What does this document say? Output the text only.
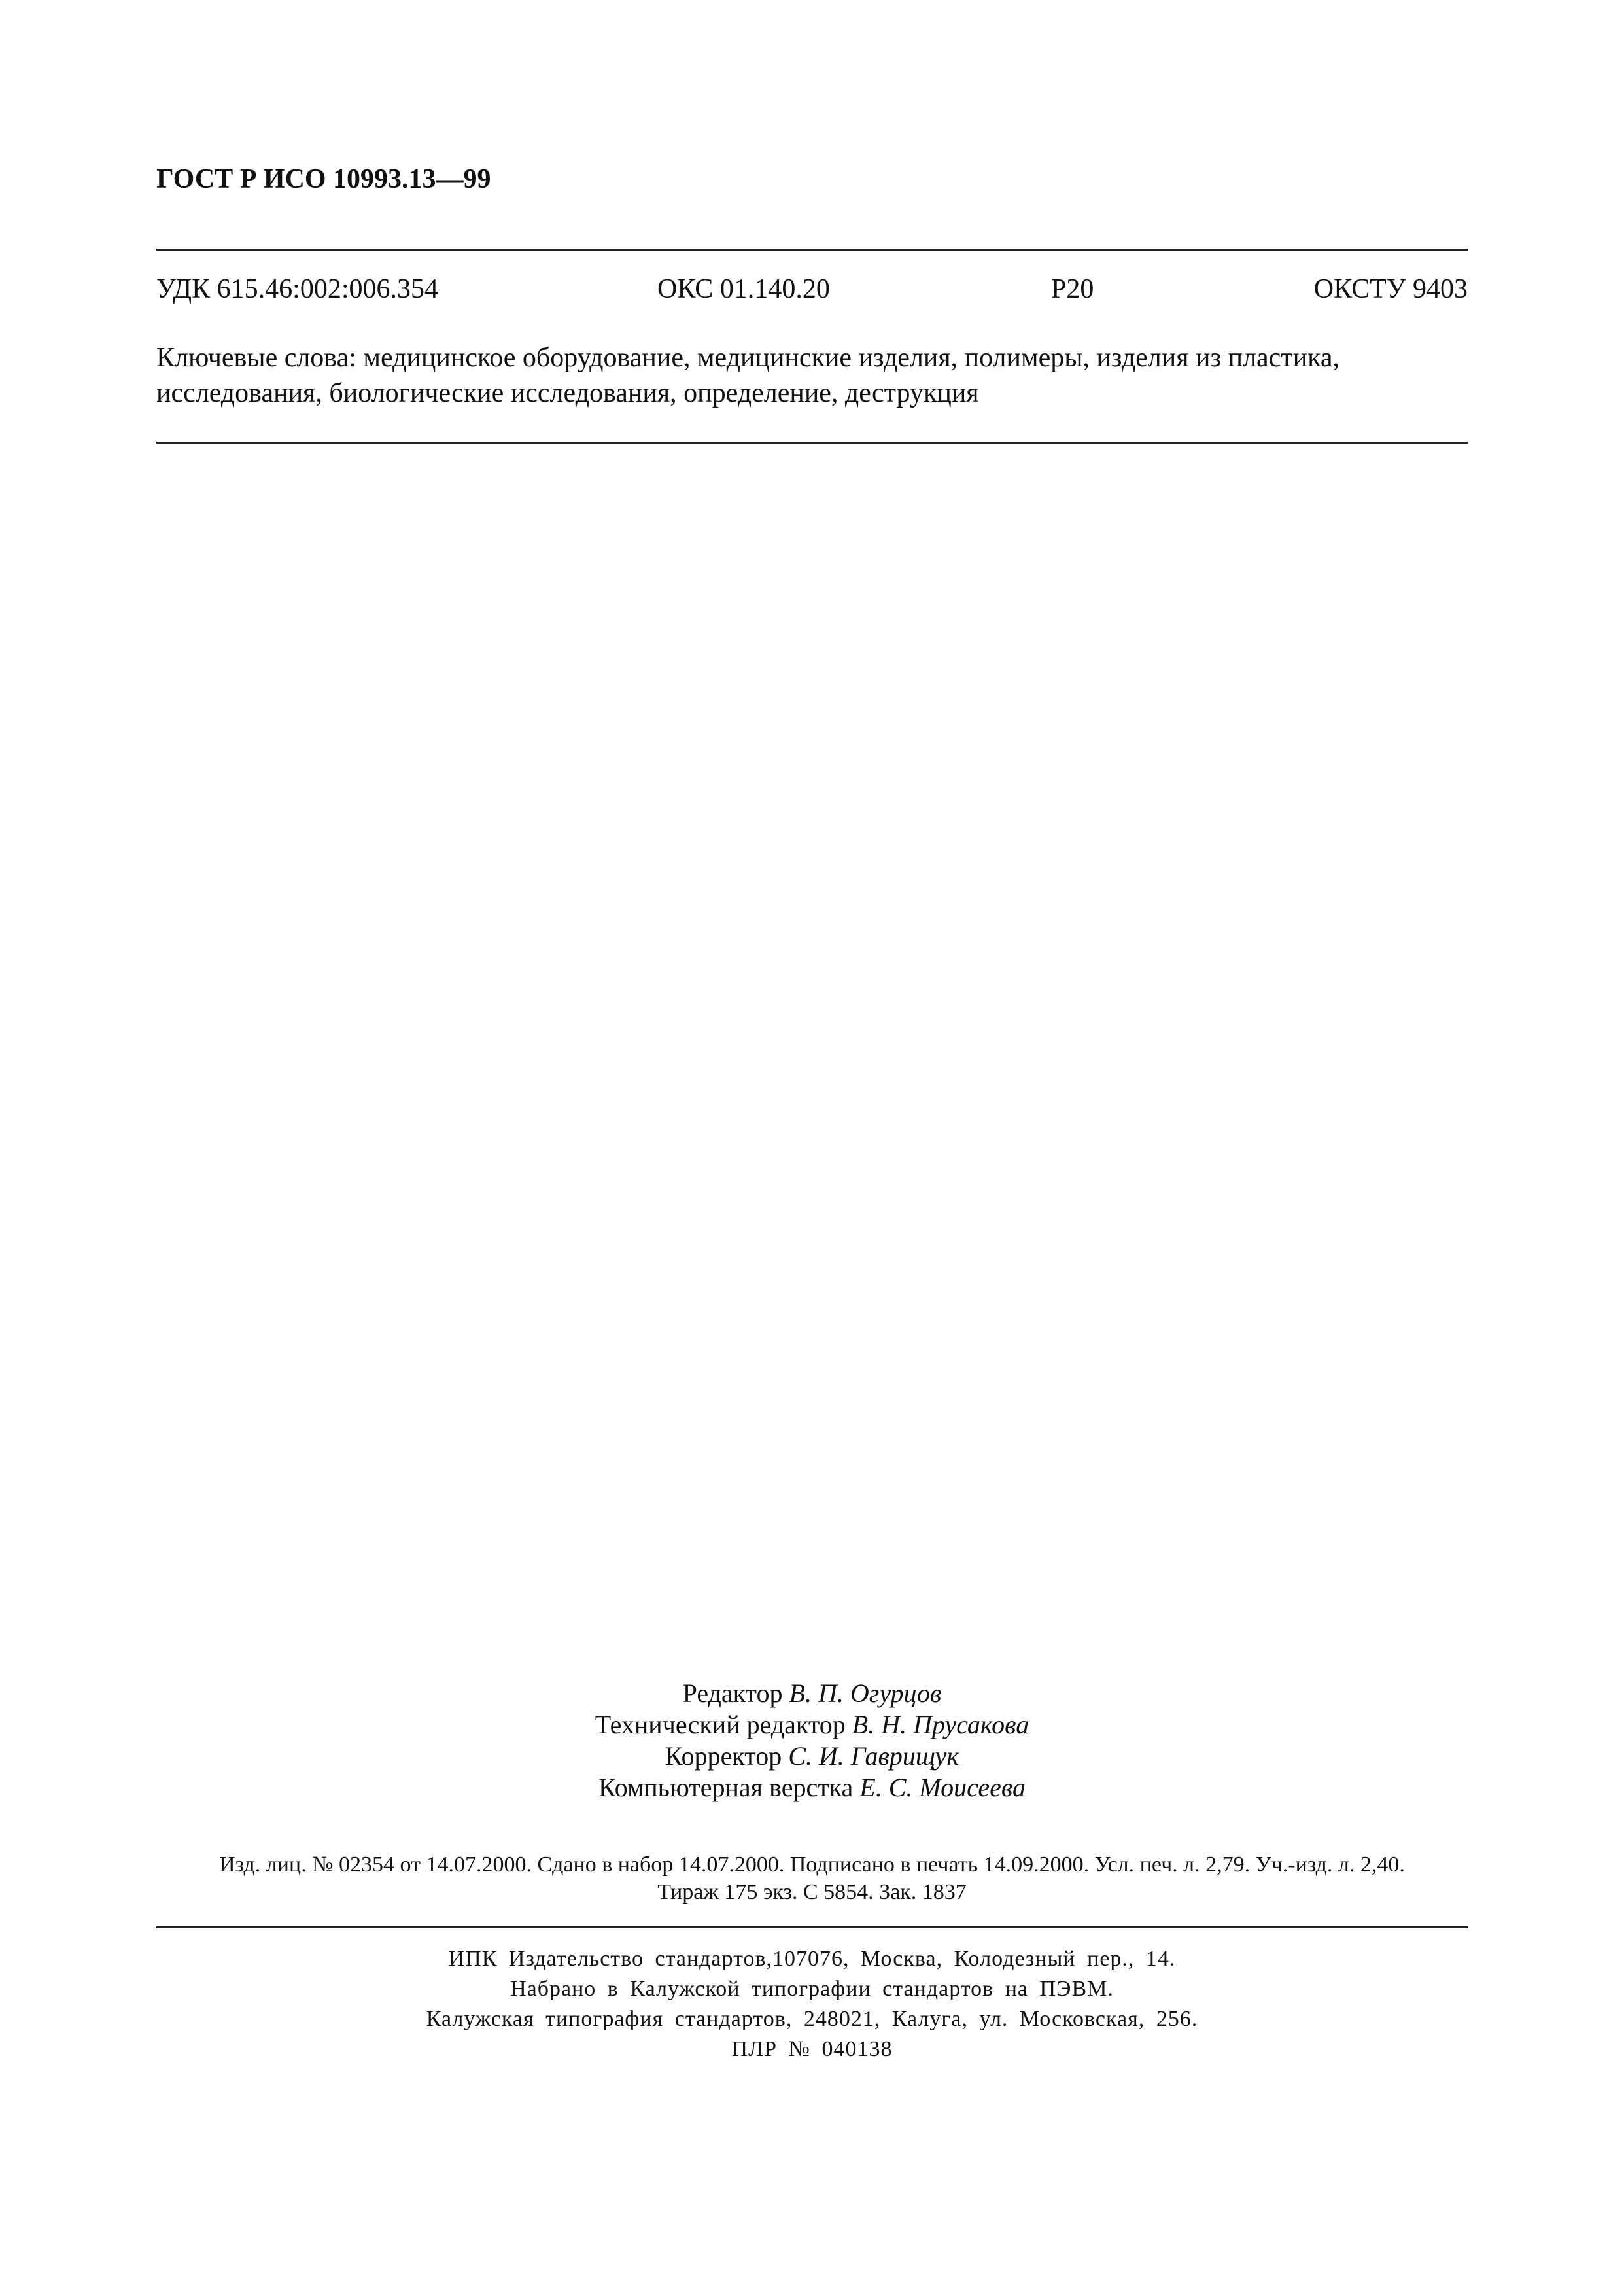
ГОСТ Р ИСО 10993.13—99
УДК 615.46:002:006.354	ОКС 01.140.20	Р20	ОКСТУ 9403
Ключевые слова: медицинское оборудование, медицинские изделия, полимеры, изделия из пластика, исследования, биологические исследования, определение, деструкция
Редактор В. П. Огурцов
Технический редактор В. Н. Прусакова
Корректор С. И. Гаврищук
Компьютерная верстка Е. С. Моисеева
Изд. лиц. № 02354 от 14.07.2000. Сдано в набор 14.07.2000. Подписано в печать 14.09.2000. Усл. печ. л. 2,79. Уч.-изд. л. 2,40.
Тираж 175 экз. С 5854. Зак. 1837
ИПК Издательство стандартов,107076, Москва, Колодезный пер., 14.
Набрано в Калужской типографии стандартов на ПЭВМ.
Калужская типография стандартов, 248021, Калуга, ул. Московская, 256.
ПЛР № 040138
